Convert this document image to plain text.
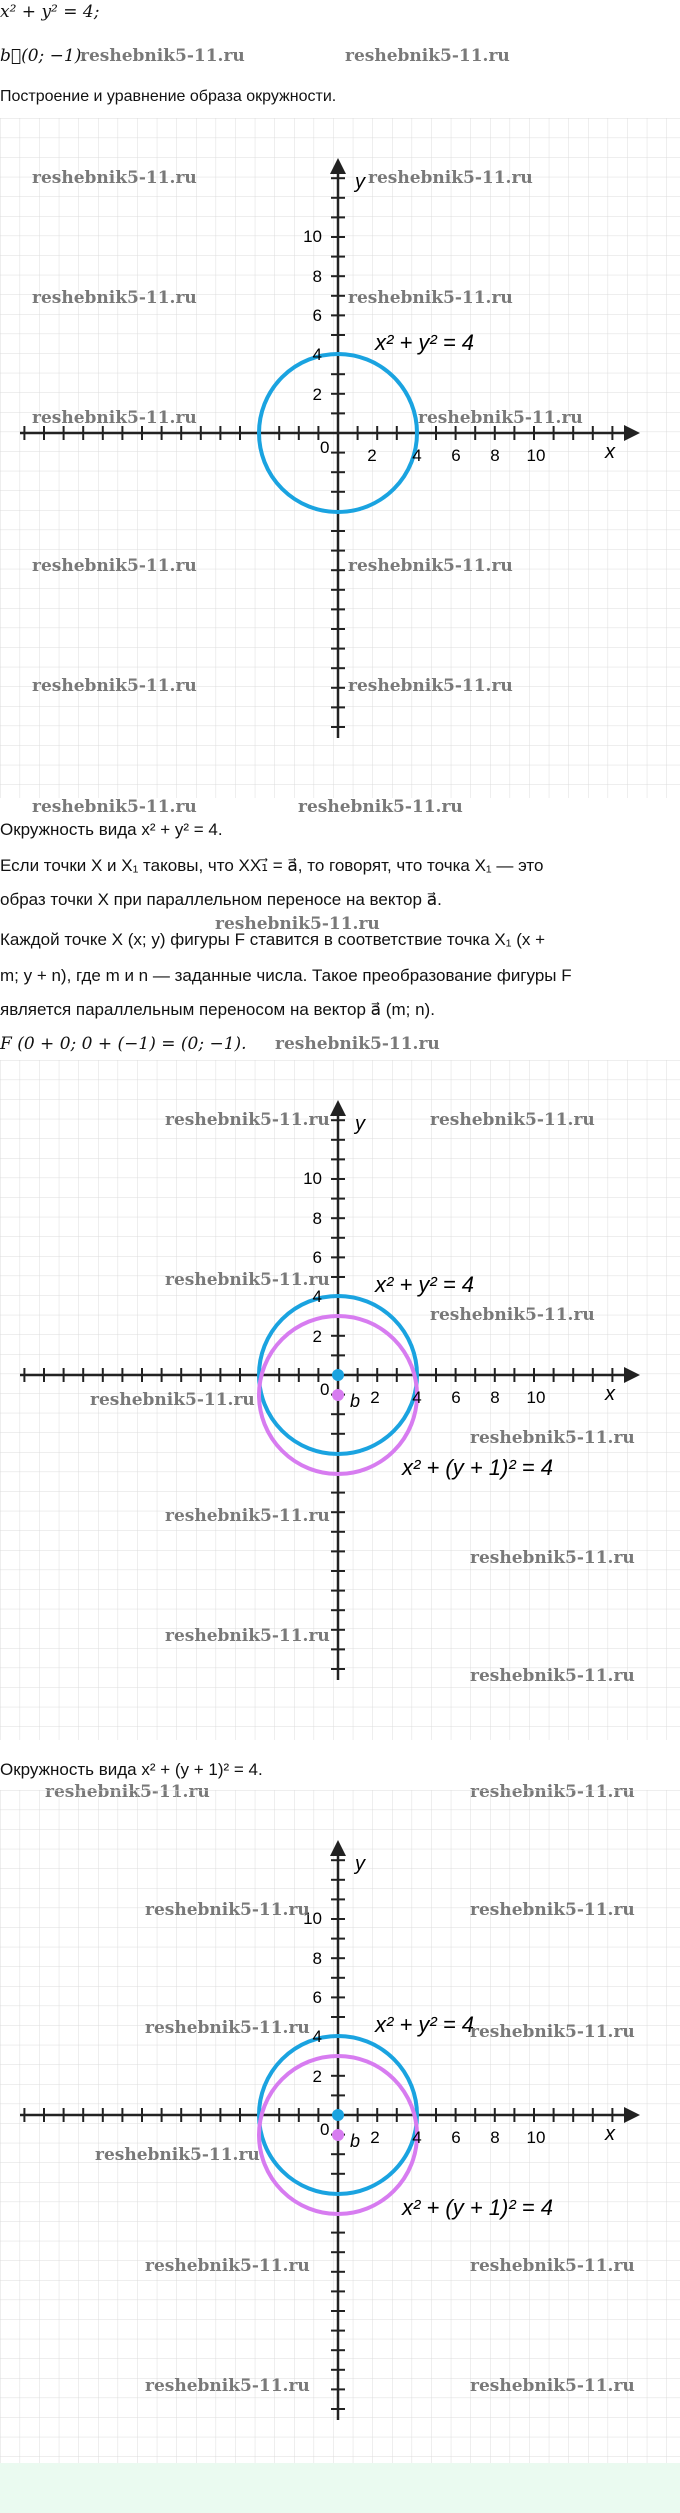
x² + y² = 4;
b⃗(0; −1).
reshebnik5-11.ru	reshebnik5-11.ru
Построение и уравнение образа окружности.
y
x
0 2 4 6 8 10
2
4
6
8
10
x² + y² = 4
reshebnik5-11.ru	reshebnik5-11.ru
reshebnik5-11.ru	reshebnik5-11.ru
reshebnik5-11.ru	reshebnik5-11.ru
reshebnik5-11.ru	reshebnik5-11.ru
reshebnik5-11.ru	reshebnik5-11.ru
reshebnik5-11.ru	reshebnik5-11.ru
Окружность вида x² + y² = 4.
Если точки X и X₁ таковы, что XX₁⃗ = a⃗, то говорят, что точка X₁ — это
образ точки X при параллельном переносе на вектор a⃗.
reshebnik5-11.ru
Каждой точке X (x; y) фигуры F ставится в соответствие точка X₁ (x +
m; y + n), где m и n — заданные числа. Такое преобразование фигуры F
является параллельным переносом на вектор a⃗ (m; n).
F (0 + 0; 0 + (−1) = (0; −1). reshebnik5-11.ru
y
x
0
b 2 4 6 8 10
2
4
6
8
10
x² + y² = 4
x² + (y + 1)² = 4
reshebnik5-11.ru	reshebnik5-11.ru
reshebnik5-11.ru
reshebnik5-11.ru
reshebnik5-11.ru
reshebnik5-11.ru
reshebnik5-11.ru
reshebnik5-11.ru
reshebnik5-11.ru
reshebnik5-11.ru
Окружность вида x² + (y + 1)² = 4.
y
x
0
b 2 4 6 8 10
2
4
6
8
10
x² + y² = 4
x² + (y + 1)² = 4
reshebnik5-11.ru	reshebnik5-11.ru
reshebnik5-11.ru	reshebnik5-11.ru
reshebnik5-11.ru
reshebnik5-11.ru	reshebnik5-11.ru
reshebnik5-11.ru	reshebnik5-11.ru
